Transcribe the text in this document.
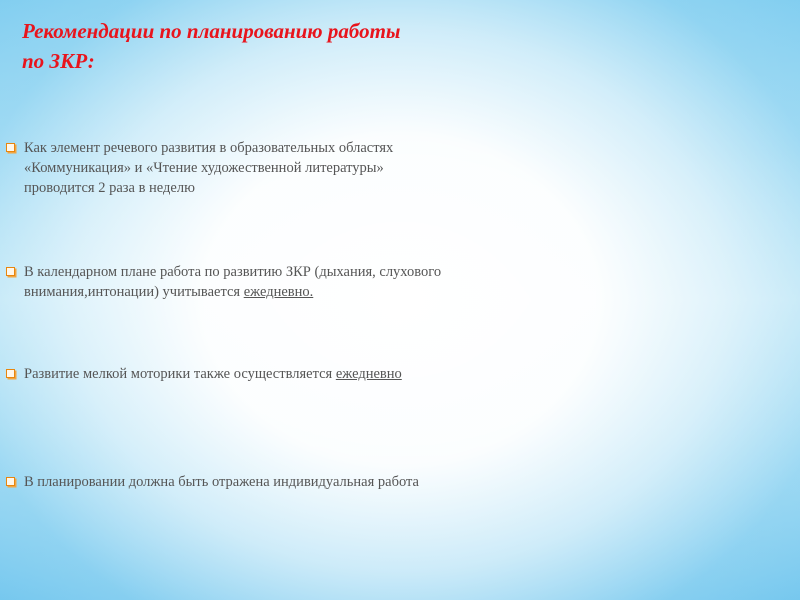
Рекомендации по планированию работы
по ЗКР:
Как элемент речевого развития в образовательных областях
«Коммуникация» и «Чтение художественной литературы»
проводится 2 раза в неделю
В календарном плане работа по развитию ЗКР (дыхания, слухового
внимания,интонации) учитывается ежедневно.
Развитие мелкой моторики также осуществляется ежедневно
В планировании должна быть отражена индивидуальная работа
